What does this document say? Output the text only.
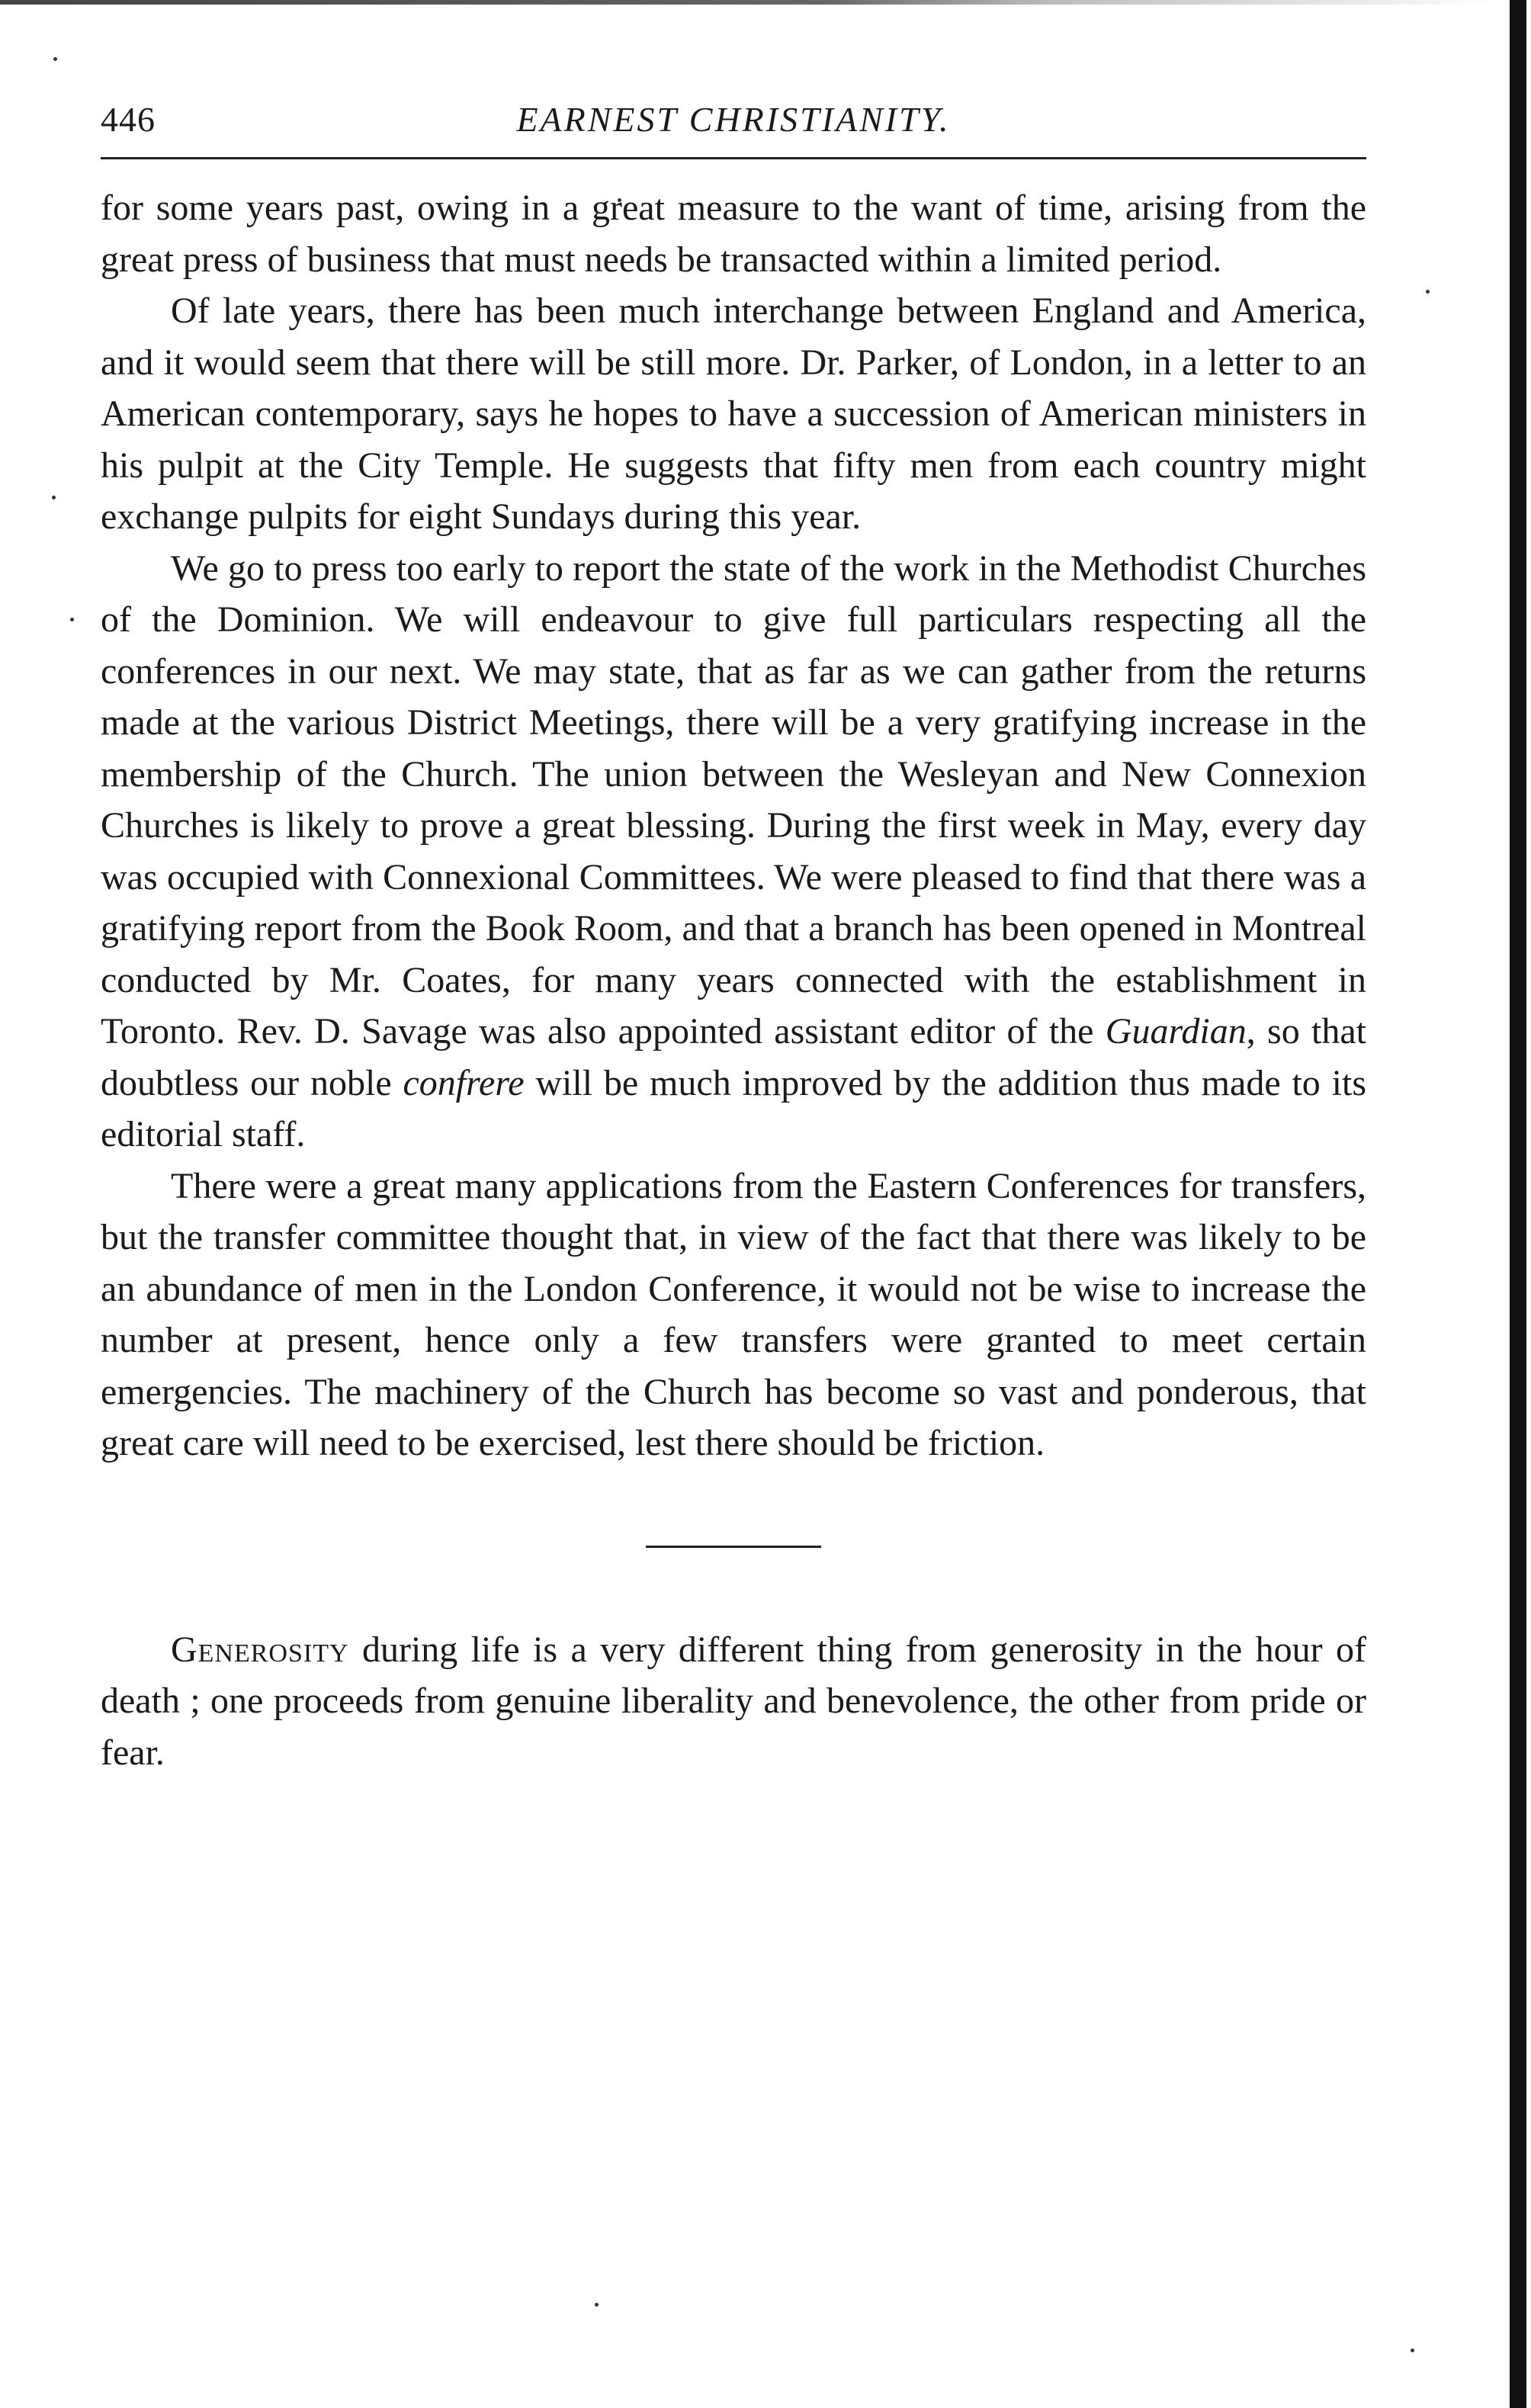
446	EARNEST CHRISTIANITY.

for some years past, owing in a great measure to the want of time, arising from the great press of business that must needs be transacted within a limited period.

Of late years, there has been much interchange between England and America, and it would seem that there will be still more. Dr. Parker, of London, in a letter to an American contemporary, says he hopes to have a succession of American ministers in his pulpit at the City Temple. He suggests that fifty men from each country might exchange pulpits for eight Sundays during this year.

We go to press too early to report the state of the work in the Methodist Churches of the Dominion. We will endeavour to give full particulars respecting all the conferences in our next. We may state, that as far as we can gather from the returns made at the various District Meetings, there will be a very gratifying increase in the membership of the Church. The union between the Wesleyan and New Connexion Churches is likely to prove a great blessing. During the first week in May, every day was occupied with Connexional Committees. We were pleased to find that there was a gratifying report from the Book Room, and that a branch has been opened in Montreal conducted by Mr. Coates, for many years connected with the establishment in Toronto. Rev. D. Savage was also appointed assistant editor of the Guardian, so that doubtless our noble confrere will be much improved by the addition thus made to its editorial staff.

There were a great many applications from the Eastern Conferences for transfers, but the transfer committee thought that, in view of the fact that there was likely to be an abundance of men in the London Conference, it would not be wise to increase the number at present, hence only a few transfers were granted to meet certain emergencies. The machinery of the Church has become so vast and ponderous, that great care will need to be exercised, lest there should be friction.

Generosity during life is a very different thing from generosity in the hour of death ; one proceeds from genuine liberality and benevolence, the other from pride or fear.
